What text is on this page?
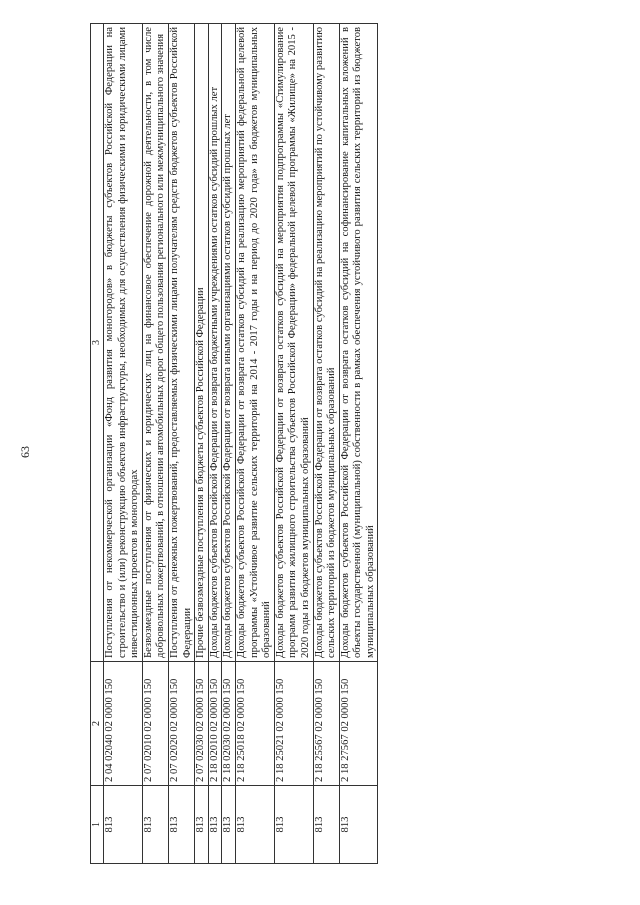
63
1	2	3
813	2 04 02040 02 0000 150	Поступления от некоммерческой организации «Фонд развития моногородов» в бюджеты субъектов Российской Федерации на строительство и (или) реконструкцию объектов инфраструктуры, необходимых для осуществления физическими и юридическими лицами инвестиционных проектов в моногородах
813	2 07 02010 02 0000 150	Безвозмездные поступления от физических и юридических лиц на финансовое обеспечение дорожной деятельности, в том числе добровольных пожертвований, в отношении автомобильных дорог общего пользования регионального или межмуниципального значения
813	2 07 02020 02 0000 150	Поступления от денежных пожертвований, предоставляемых физическими лицами получателям средств бюджетов субъектов Российской Федерации
813	2 07 02030 02 0000 150	Прочие безвозмездные поступления в бюджеты субъектов Российской Федерации
813	2 18 02010 02 0000 150	Доходы бюджетов субъектов Российской Федерации от возврата бюджетными учреждениями остатков субсидий прошлых лет
813	2 18 02030 02 0000 150	Доходы бюджетов субъектов Российской Федерации от возврата иными организациями остатков субсидий прошлых лет
813	2 18 25018 02 0000 150	Доходы бюджетов субъектов Российской Федерации от возврата остатков субсидий на реализацию мероприятий федеральной целевой программы «Устойчивое развитие сельских территорий на 2014 - 2017 годы и на период до 2020 года» из бюджетов муниципальных образований
813	2 18 25021 02 0000 150	Доходы бюджетов субъектов Российской Федерации от возврата остатков субсидий на мероприятия подпрограммы «Стимулирование программ развития жилищного строительства субъектов Российской Федерации» федеральной целевой программы «Жилище» на 2015 - 2020 годы из бюджетов муниципальных образований
813	2 18 25567 02 0000 150	Доходы бюджетов субъектов Российской Федерации от возврата остатков субсидий на реализацию мероприятий по устойчивому развитию сельских территорий из бюджетов муниципальных образований
813	2 18 27567 02 0000 150	Доходы бюджетов субъектов Российской Федерации от возврата остатков субсидий на софинансирование капитальных вложений в объекты государственной (муниципальной) собственности в рамках обеспечения устойчивого развития сельских территорий из бюджетов муниципальных образований
